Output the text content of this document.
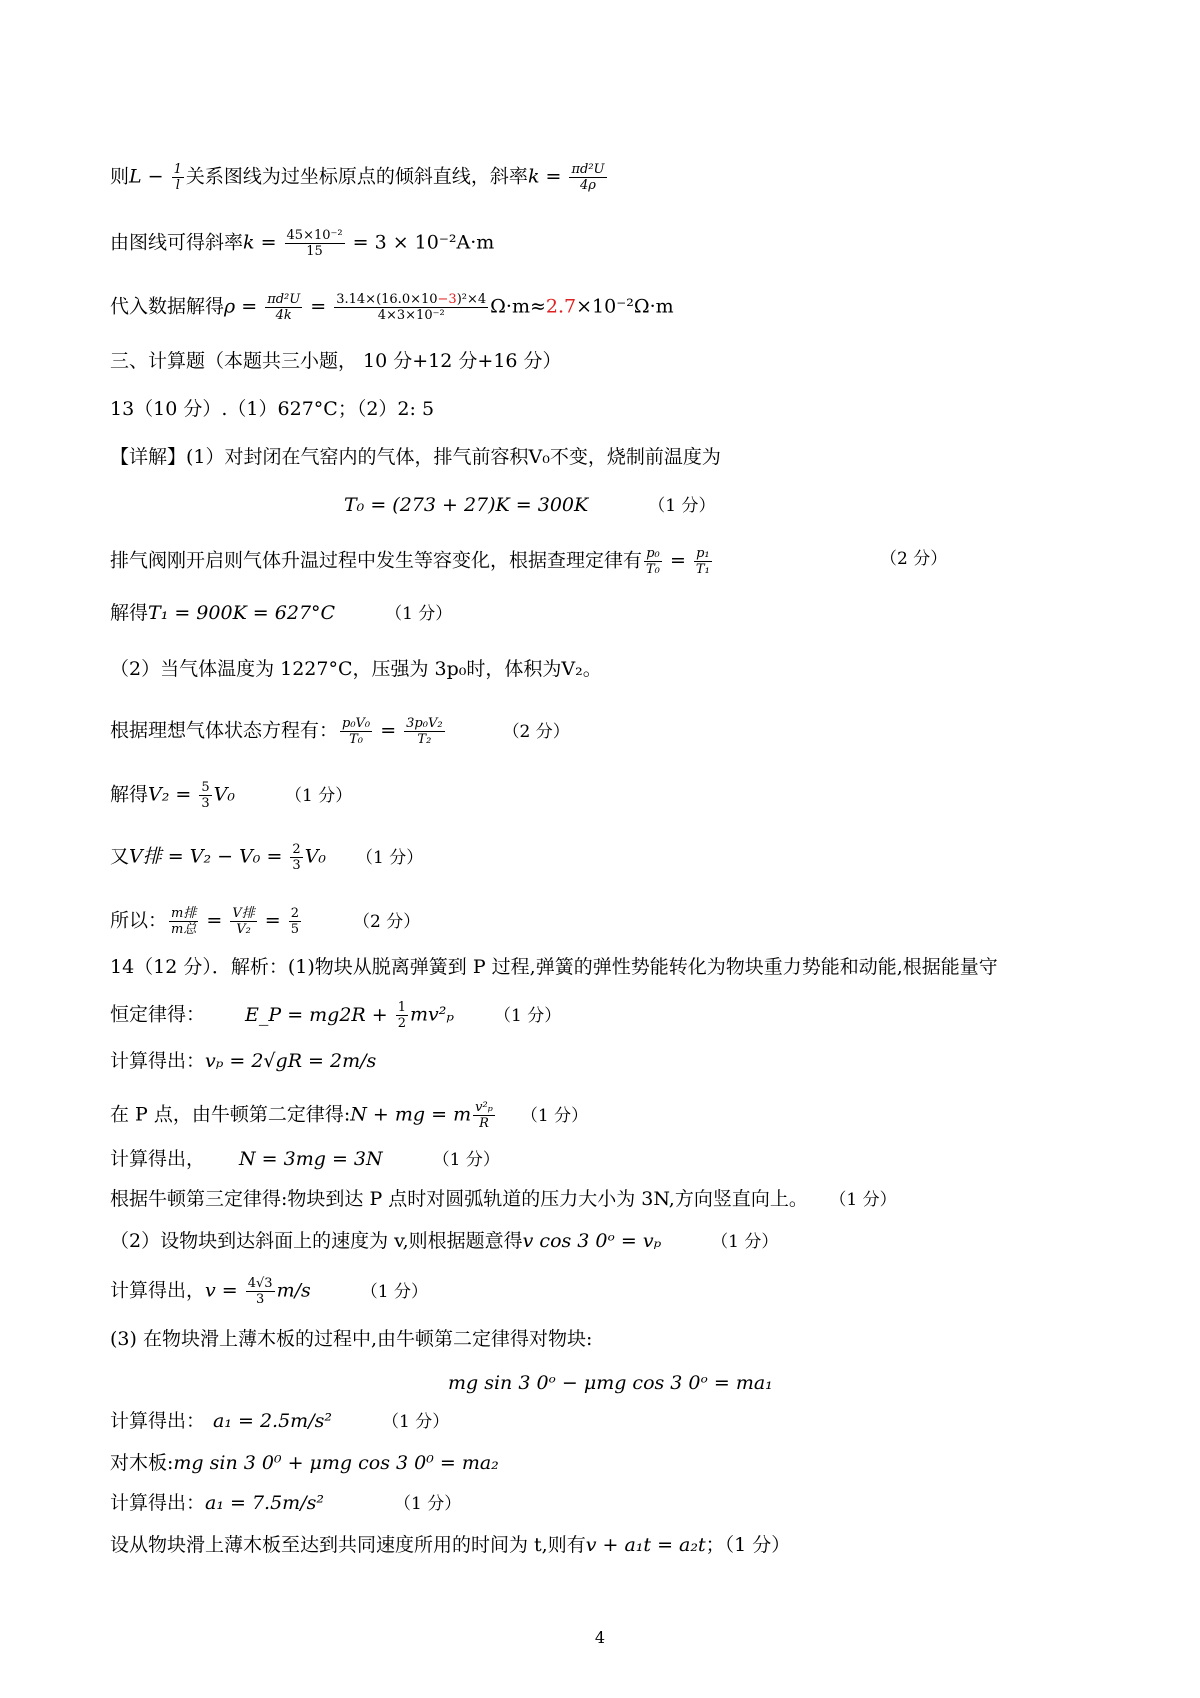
则$L - \frac{1}{l}$ 关系图线为过坐标原点的倾斜直线，斜率$k = \frac{\text{πd²U}}{4\rho}$
由图线可得斜率$k = \frac{\text{45×10⁻²}}{15} = 3 \times 10^{-2}A\cdot m$
代入数据解得$\rho = \frac{\text{πd²U}}{4k} = \frac{\text{3.14×(16.0×10−3)²×4}}{\text{4×3×10⁻²}} \Omega\cdot m\approx 2.7\times 10^{-2}\Omega\cdot m$
三、计算题（本题共三小题， 10 分+12 分+16 分）
13（10 分）.（1）627°C；（2）2: 5
【详解】(1）对封闭在气窑内的气体，排气前容积V₀不变，烧制前温度为
T₀ = (273 + 27)K = 300K	（1 分）
排气阀刚开启则气体升温过程中发生等容变化，根据查理定律有 $\frac{\text{p₀}}{\text{T₀}} = \frac{\text{p₁}}{\text{T₁}}$	（2 分）
解得T₁ = 900K = 627°C	（1 分）
（2）当气体温度为 1227°C，压强为 3p₀时，体积为V₂。
根据理想气体状态方程有： $\frac{\text{p₀V₀}}{\text{T₀}} = \frac{\text{3p₀V₂}}{\text{T₂}}$	（2 分）
解得$V_2 = \frac{5}{3} V_0$	（1 分）
又V排 = $V_2 - V_0 = \frac{2}{3} V_0$ （1 分）
所以： m排
m总 = V排
$V_2 = \frac{2}{5}$	（2 分）
14（12 分）．解析：(1)物块从脱离弹簧到 P 过程,弹簧的弹性势能转化为物块重力势能和动能,根据能量守
恒定律得： E_P = $mg2R + \frac{1}{2} mv^2_p$ （1 分）
计算得出：vₚ = 2√gR = 2m/s
在 P 点，由牛顿第二定律得:N + mg = m $\frac{\text{v²ₚ}}{R} (1$ 分）
计算得出， N = 3mg = 3N	（1 分）
根据牛顿第三定律得:物块到达 P 点时对圆弧轨道的压力大小为 3N,方向竖直向上。 （1 分）
（2）设物块到达斜面上的速度为 v,则根据题意得v cos 3 0ᵒ = vₚ	（1 分）
计算得出，$v = \frac{4√3}{3} m/s$	（1 分）
(3) 在物块滑上薄木板的过程中,由牛顿第二定律得对物块:
mg sin 3 0ᵒ − μmg cos 3 0ᵒ = ma₁
计算得出： a₁ = 2.5m/s²	（1 分）
对木板:mg sin 3 0⁰ + μmg cos 3 0⁰ = ma₂
计算得出：a₁ = 7.5m/s²	（1 分）
设从物块滑上薄木板至达到共同速度所用的时间为 t,则有v + a₁t = a₂t；（1 分）
4
